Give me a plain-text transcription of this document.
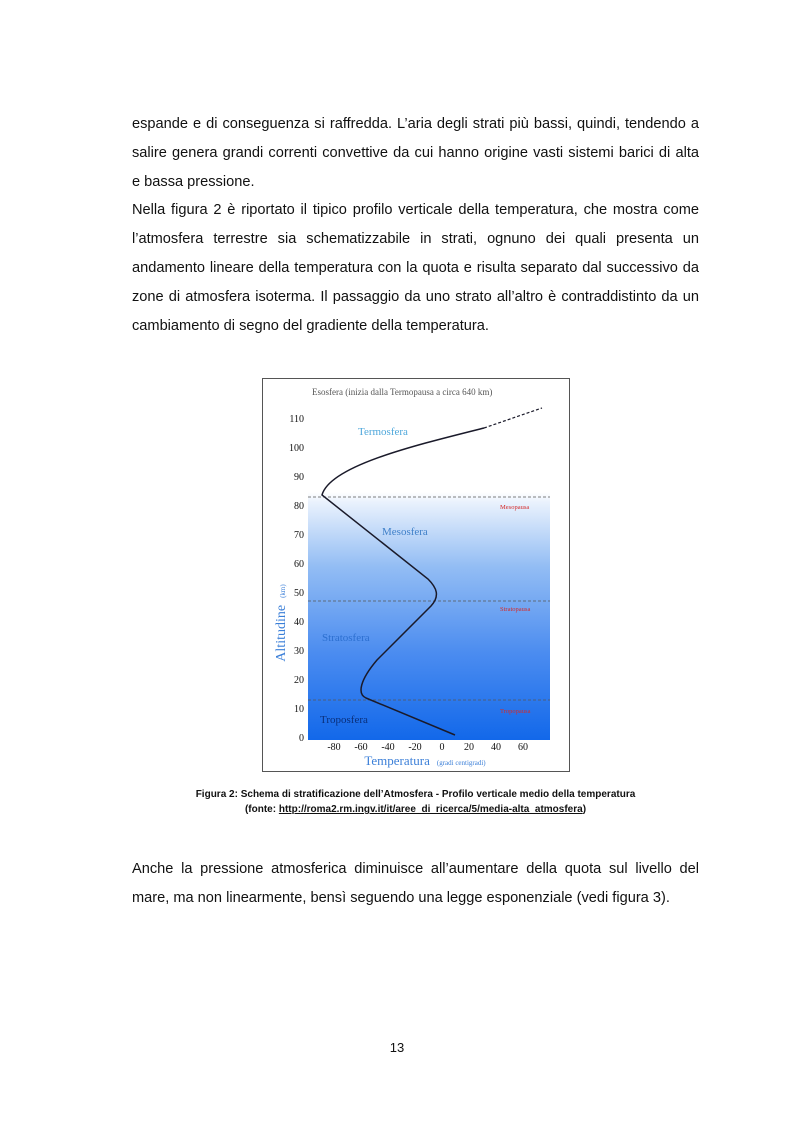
espande e di conseguenza si raffredda. L’aria degli strati più bassi, quindi, tendendo a
salire genera grandi correnti convettive da cui hanno origine vasti sistemi barici di alta
e bassa pressione.
Nella figura 2 è riportato il tipico profilo verticale della temperatura, che mostra come
l’atmosfera terrestre sia schematizzabile in strati, ognuno dei quali presenta un
andamento lineare della temperatura con la quota e risulta separato dal successivo da
zone di atmosfera isoterma. Il passaggio da uno strato all’altro è contraddistinto da un
cambiamento di segno del gradiente della temperatura.
Esosfera (inizia dalla Termopausa a circa 640 km)
0
10
20
30
40
50
60
70
80
90
100
110
-80 -60 -40 -20 0 20 40 60
Altitudine (km)
Temperatura (gradi centigradi)
Termosfera
Mesosfera
Stratosfera
Troposfera
Mesopausa
Stratopausa
Tropopausa
Figura 2: Schema di stratificazione dell’Atmosfera - Profilo verticale medio della temperatura
(fonte: http://roma2.rm.ingv.it/it/aree_di_ricerca/5/media-alta_atmosfera)
Anche la pressione atmosferica diminuisce all’aumentare della quota sul livello del
mare, ma non linearmente, bensì seguendo una legge esponenziale (vedi figura 3).
13
